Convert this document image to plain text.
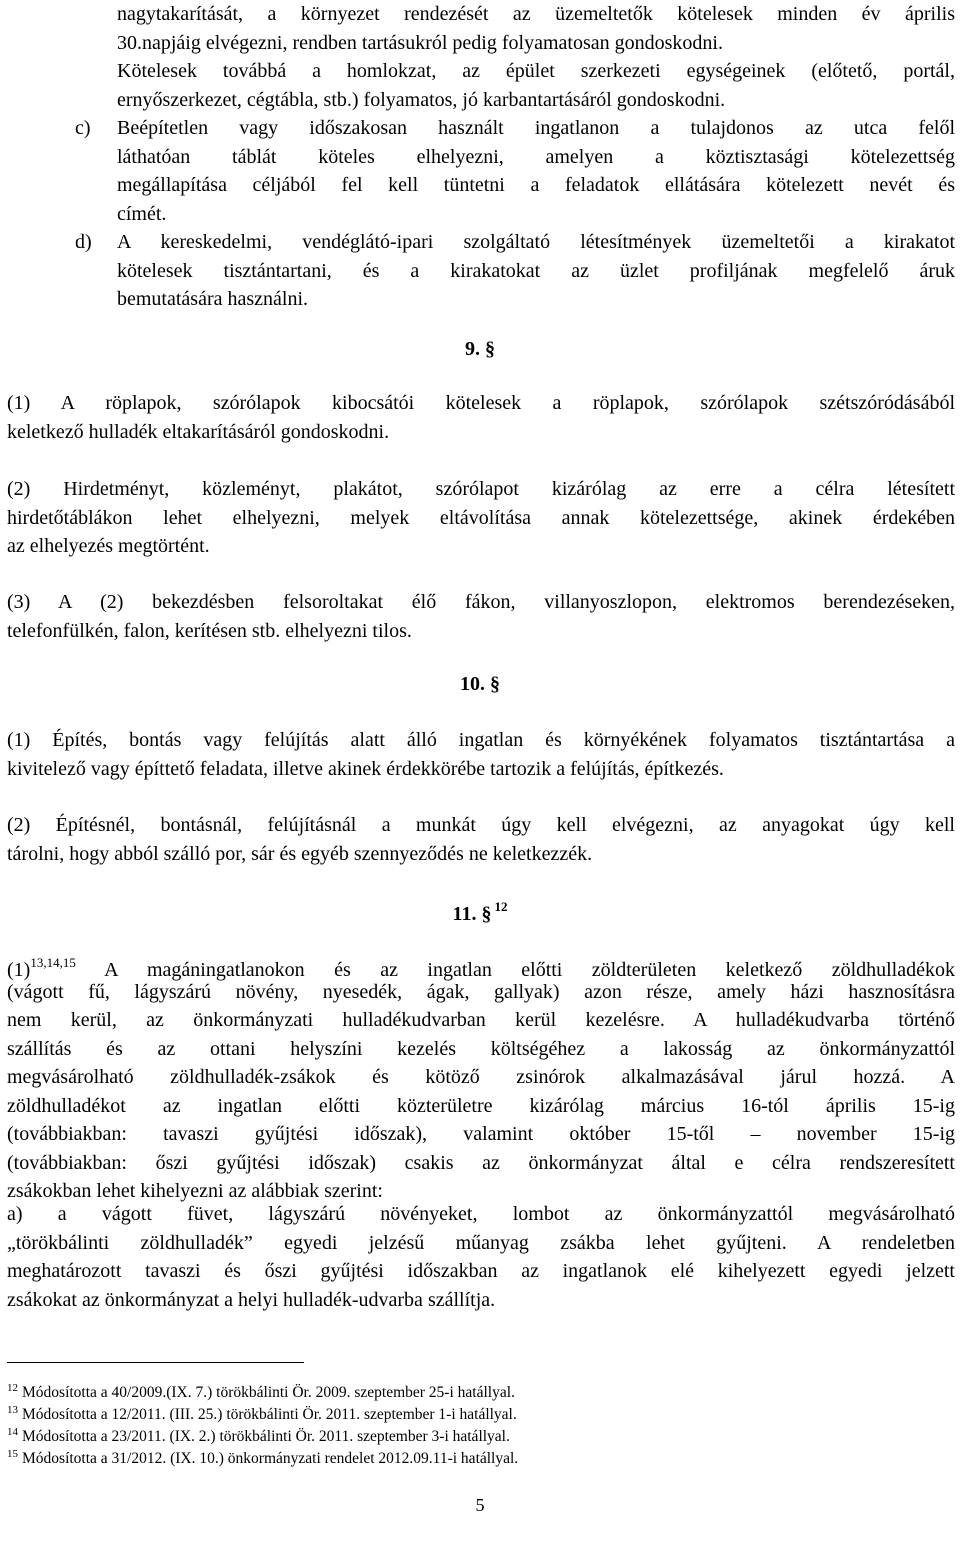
nagytakarítását, a környezet rendezését az üzemeltetők kötelesek minden év április
30.napjáig elvégezni, rendben tartásukról pedig folyamatosan gondoskodni.
Kötelesek továbbá a homlokzat, az épület szerkezeti egységeinek (előtető, portál,
ernyőszerkezet, cégtábla, stb.) folyamatos, jó karbantartásáról gondoskodni.
c) Beépítetlen vagy időszakosan használt ingatlanon a tulajdonos az utca felől
láthatóan táblát köteles elhelyezni, amelyen a köztisztasági kötelezettség
megállapítása céljából fel kell tüntetni a feladatok ellátására kötelezett nevét és
címét.
d) A kereskedelmi, vendéglátó-ipari szolgáltató létesítmények üzemeltetői a kirakatot
kötelesek tisztántartani, és a kirakatokat az üzlet profiljának megfelelő áruk
bemutatására használni.
9. §
(1) A röplapok, szórólapok kibocsátói kötelesek a röplapok, szórólapok szétszóródásából
keletkező hulladék eltakarításáról gondoskodni.
(2) Hirdetményt, közleményt, plakátot, szórólapot kizárólag az erre a célra létesített
hirdetőtáblákon lehet elhelyezni, melyek eltávolítása annak kötelezettsége, akinek érdekében
az elhelyezés megtörtént.
(3) A (2) bekezdésben felsoroltakat élő fákon, villanyoszlopon, elektromos berendezéseken,
telefonfülkén, falon, kerítésen stb. elhelyezni tilos.
10. §
(1) Építés, bontás vagy felújítás alatt álló ingatlan és környékének folyamatos tisztántartása a
kivitelező vagy építtető feladata, illetve akinek érdekkörébe tartozik a felújítás, építkezés.
(2) Építésnél, bontásnál, felújításnál a munkát úgy kell elvégezni, az anyagokat úgy kell
tárolni, hogy abból szálló por, sár és egyéb szennyeződés ne keletkezzék.
11. § $^{12}$
$(1)^{13,14,15}$ A magáningatlanokon és az ingatlan előtti zöldterületen keletkező zöldhulladékok
(vágott fű, lágyszárú növény, nyesedék, ágak, gallyak) azon része, amely házi hasznosításra
nem kerül, az önkormányzati hulladékudvarban kerül kezelésre. A hulladékudvarba történő
szállítás és az ottani helyszíni kezelés költségéhez a lakosság az önkormányzattól
megvásárolható zöldhulladék-zsákok és kötöző zsinórok alkalmazásával járul hozzá. A
zöldhulladékot az ingatlan előtti közterületre kizárólag március 16-tól április 15-ig
(továbbiakban: tavaszi gyűjtési időszak), valamint október 15-től – november 15-ig
(továbbiakban: őszi gyűjtési időszak) csakis az önkormányzat által e célra rendszeresített
zsákokban lehet kihelyezni az alábbiak szerint:
a) a vágott füvet, lágyszárú növényeket, lombot az önkormányzattól megvásárolható
„törökbálinti zöldhulladék” egyedi jelzésű műanyag zsákba lehet gyűjteni. A rendeletben
meghatározott tavaszi és őszi gyűjtési időszakban az ingatlanok elé kihelyezett egyedi jelzett
zsákokat az önkormányzat a helyi hulladék-udvarba szállítja.
$^{12}$ Módosította a 40/2009.(IX. 7.) törökbálinti Ör. 2009. szeptember 25-i hatállyal.
$^{13}$ Módosította a 12/2011. (III. 25.) törökbálinti Ör. 2011. szeptember 1-i hatállyal.
$^{14}$ Módosította a 23/2011. (IX. 2.) törökbálinti Ör. 2011. szeptember 3-i hatállyal.
$^{15}$ Módosította a 31/2012. (IX. 10.) önkormányzati rendelet 2012.09.11-i hatállyal.
5
